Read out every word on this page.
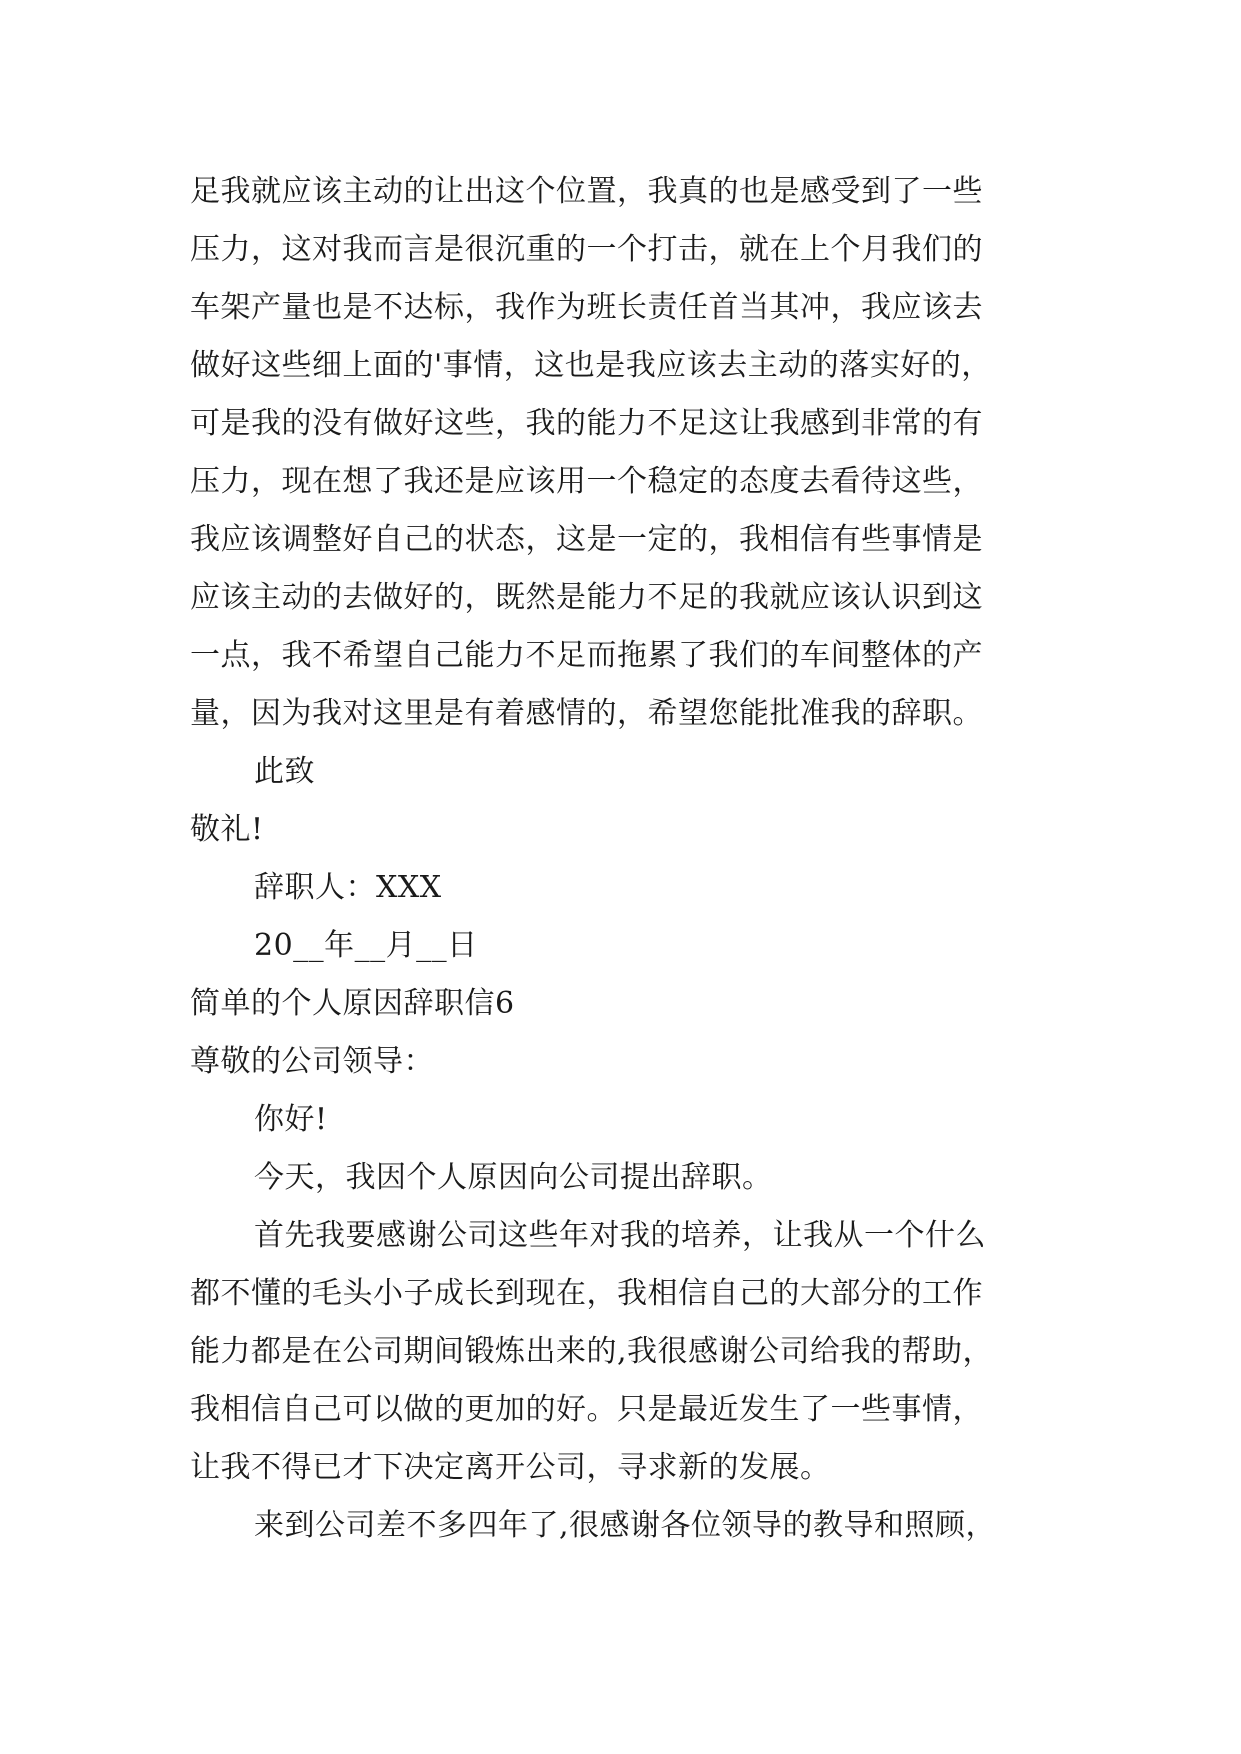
足我就应该主动的让出这个位置，我真的也是感受到了一些
压力，这对我而言是很沉重的一个打击，就在上个月我们的
车架产量也是不达标，我作为班长责任首当其冲，我应该去
做好这些细上面的'事情，这也是我应该去主动的落实好的，
可是我的没有做好这些，我的能力不足这让我感到非常的有
压力，现在想了我还是应该用一个稳定的态度去看待这些，
我应该调整好自己的状态，这是一定的，我相信有些事情是
应该主动的去做好的，既然是能力不足的我就应该认识到这
一点，我不希望自己能力不足而拖累了我们的车间整体的产
量，因为我对这里是有着感情的，希望您能批准我的辞职。
此致
敬礼!
辞职人：XXX
20__年__月__日
简单的个人原因辞职信6
尊敬的公司领导：
你好!
今天，我因个人原因向公司提出辞职。
首先我要感谢公司这些年对我的培养，让我从一个什么
都不懂的毛头小子成长到现在，我相信自己的大部分的工作
能力都是在公司期间锻炼出来的,我很感谢公司给我的帮助，
我相信自己可以做的更加的好。只是最近发生了一些事情，
让我不得已才下决定离开公司，寻求新的发展。
来到公司差不多四年了,很感谢各位领导的教导和照顾，
